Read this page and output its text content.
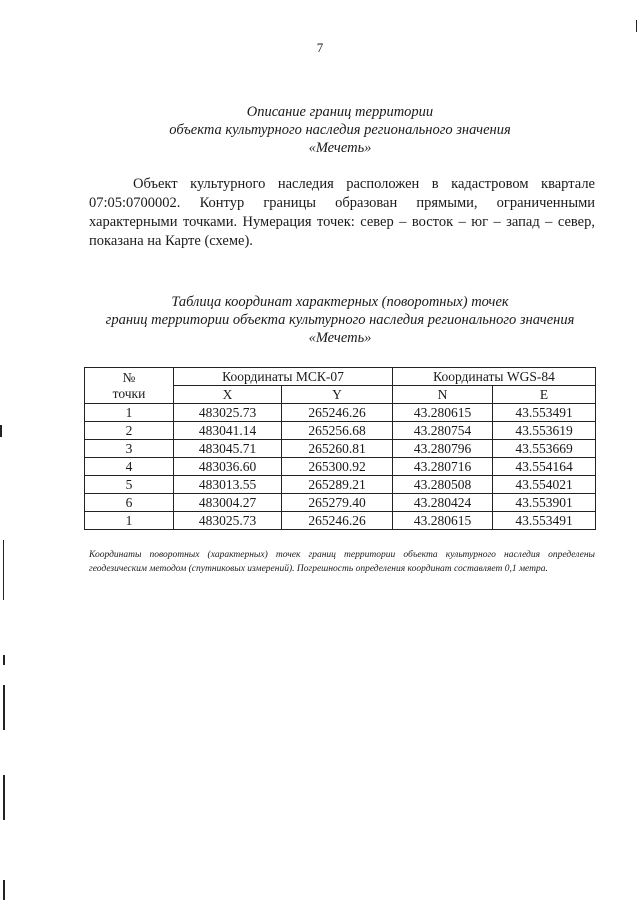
7
Описание границ территории
объекта культурного наследия регионального значения
«Мечеть»

Объект культурного наследия расположен в кадастровом квартале 07:05:0700002. Контур границы образован прямыми, ограниченными характерными точками. Нумерация точек: север – восток – юг – запад – север, показана на Карте (схеме).

Таблица координат характерных (поворотных) точек
границ территории объекта культурного наследия регионального значения
«Мечеть»
№
точки	Координаты МСК-07		Координаты WGS-84	
	X	Y	N	E
1	483025.73	265246.26	43.280615	43.553491
2	483041.14	265256.68	43.280754	43.553619
3	483045.71	265260.81	43.280796	43.553669
4	483036.60	265300.92	43.280716	43.554164
5	483013.55	265289.21	43.280508	43.554021
6	483004.27	265279.40	43.280424	43.553901
1	483025.73	265246.26	43.280615	43.553491

Координаты поворотных (характерных) точек границ территории объекта культурного наследия определены геодезическим методом (спутниковых измерений). Погрешность определения координат составляет 0,1 метра.
